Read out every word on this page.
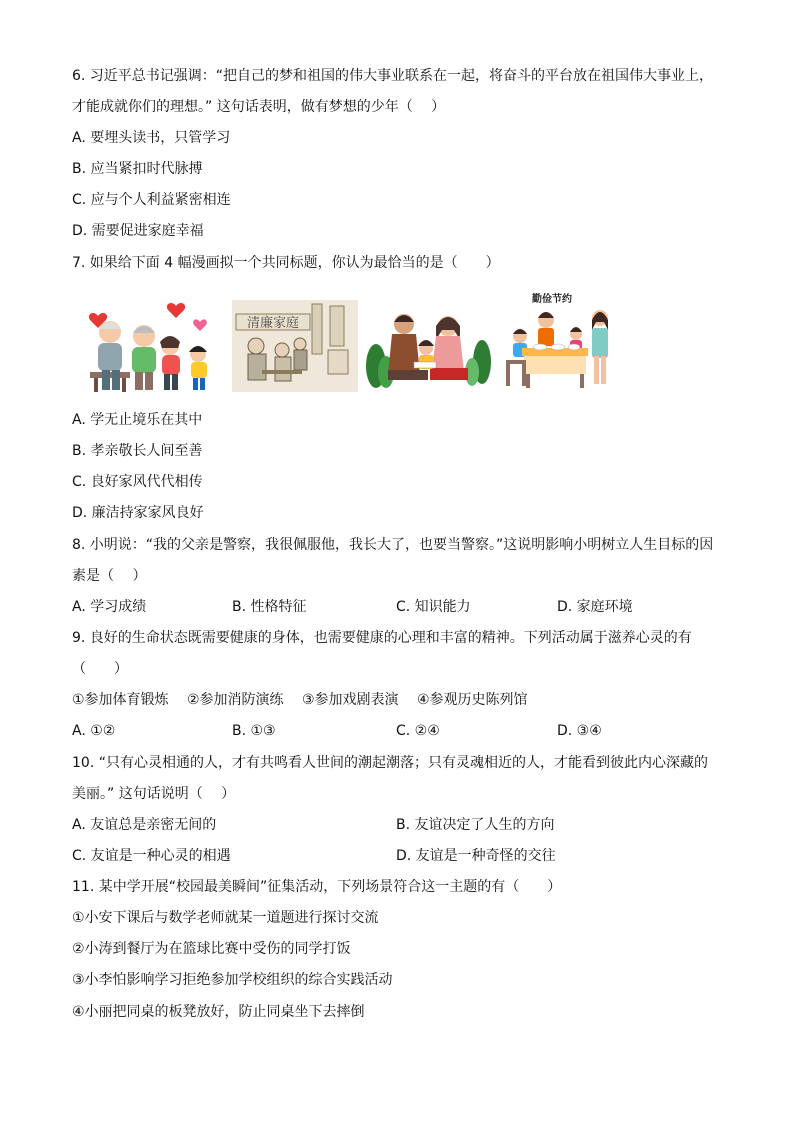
6. 习近平总书记强调：“把自己的梦和祖国的伟大事业联系在一起，将奋斗的平台放在祖国伟大事业上，
才能成就你们的理想。” 这句话表明，做有梦想的少年（　 ）
A. 要埋头读书，只管学习
B. 应当紧扣时代脉搏
C. 应与个人利益紧密相连
D. 需要促进家庭幸福
7. 如果给下面 4 幅漫画拟一个共同标题，你认为最恰当的是（　　）
清廉家庭
勤俭节约
A. 学无止境乐在其中
B. 孝亲敬长人间至善
C. 良好家风代代相传
D. 廉洁持家家风良好
8. 小明说：“我的父亲是警察，我很佩服他，我长大了，也要当警察。”这说明影响小明树立人生目标的因
素是（　 ）
A. 学习成绩	B. 性格特征	C. 知识能力	D. 家庭环境
9. 良好的生命状态既需要健康的身体，也需要健康的心理和丰富的精神。下列活动属于滋养心灵的有
（　　）
①参加体育锻炼　 ②参加消防演练　 ③参加戏剧表演　 ④参观历史陈列馆
A. ①②	B. ①③	C. ②④	D. ③④
10. “只有心灵相通的人，才有共鸣看人世间的潮起潮落；只有灵魂相近的人，才能看到彼此内心深藏的
美丽。” 这句话说明（　 ）
A. 友谊总是亲密无间的	B. 友谊决定了人生的方向
C. 友谊是一种心灵的相遇	D. 友谊是一种奇怪的交往
11. 某中学开展“校园最美瞬间”征集活动，下列场景符合这一主题的有（　　）
①小安下课后与数学老师就某一道题进行探讨交流
②小涛到餐厅为在篮球比赛中受伤的同学打饭
③小李怕影响学习拒绝参加学校组织的综合实践活动
④小丽把同桌的板凳放好，防止同桌坐下去摔倒
